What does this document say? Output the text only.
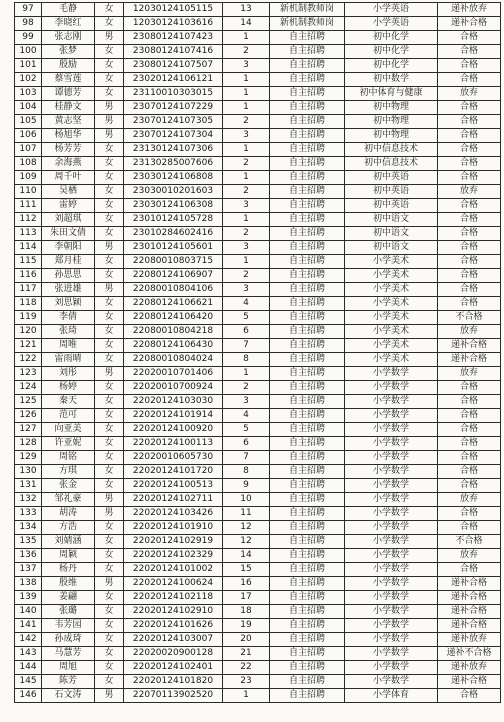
97	毛静	女	12030124105115	13	新机制教师岗	小学英语	递补放弃
98	李晓红	女	12030124103616	14	新机制教师岗	小学英语	递补合格
99	张志刚	男	23080124107423	1	自主招聘	初中化学	合格
100	张梦	女	23080124107416	2	自主招聘	初中化学	合格
101	殷励	女	23080124107507	3	自主招聘	初中化学	合格
102	蔡雪莲	女	23020124106121	1	自主招聘	初中数学	合格
103	谭德芳	女	23110010303015	1	自主招聘	初中体育与健康	放弃
104	桂静文	男	23070124107229	1	自主招聘	初中物理	合格
105	黄志坚	男	23070124107305	2	自主招聘	初中物理	合格
106	杨旭华	男	23070124107304	3	自主招聘	初中物理	合格
107	杨芳芳	女	23130124107306	1	自主招聘	初中信息技术	合格
108	余海燕	女	23130285007606	2	自主招聘	初中信息技术	合格
109	周千叶	女	23030124106808	1	自主招聘	初中英语	合格
110	吴栖	女	23030010201603	2	自主招聘	初中英语	放弃
111	雷婷	女	23030124106308	3	自主招聘	初中英语	合格
112	刘超琪	女	23010124105728	1	自主招聘	初中语文	合格
113	朱田文倩	女	23010284602416	2	自主招聘	初中语文	合格
114	李朝阳	男	23010124105601	3	自主招聘	初中语文	合格
115	郑月桂	女	22080010803715	1	自主招聘	小学美术	合格
116	孙思思	女	22080124106907	2	自主招聘	小学美术	合格
117	张进雄	男	22080010804106	3	自主招聘	小学美术	合格
118	刘思颖	女	22080124106621	4	自主招聘	小学美术	合格
119	李倩	女	22080124106420	5	自主招聘	小学美术	不合格
120	张琦	女	22080010804218	6	自主招聘	小学美术	放弃
121	周唯	女	22080124106430	7	自主招聘	小学美术	递补合格
122	雷雨晴	女	22080010804024	8	自主招聘	小学美术	递补合格
123	刘彤	男	22020010701406	1	自主招聘	小学数学	放弃
124	杨婷	女	22020010700924	2	自主招聘	小学数学	合格
125	秦天	女	22020124103030	3	自主招聘	小学数学	合格
126	范可	女	22020124101914	4	自主招聘	小学数学	合格
127	向亚美	女	22020124100920	5	自主招聘	小学数学	合格
128	许亚妮	女	22020124100113	6	自主招聘	小学数学	合格
129	周铭	女	22020010605730	7	自主招聘	小学数学	合格
130	方琪	女	22020124101720	8	自主招聘	小学数学	合格
131	张金	女	22020124100513	9	自主招聘	小学数学	合格
132	邹礼豪	男	22020124102711	10	自主招聘	小学数学	放弃
133	胡涛	男	22020124103426	11	自主招聘	小学数学	合格
134	方浩	女	22020124101910	12	自主招聘	小学数学	合格
135	刘婧涵	女	22020124102919	12	自主招聘	小学数学	不合格
136	周颖	女	22020124102329	14	自主招聘	小学数学	放弃
137	杨丹	女	22020124101002	15	自主招聘	小学数学	合格
138	殷维	男	22020124100624	16	自主招聘	小学数学	递补合格
139	姜翩	女	22020124102118	17	自主招聘	小学数学	递补合格
140	张璐	女	22020124102910	18	自主招聘	小学数学	递补合格
141	韦芳园	女	22020124101626	19	自主招聘	小学数学	递补合格
142	孙成琦	女	22020124103007	20	自主招聘	小学数学	递补放弃
143	马慧芳	女	22020020900128	21	自主招聘	小学数学	递补不合格
144	周旭	女	22020124102401	22	自主招聘	小学数学	递补放弃
145	陈芳	女	22020124101820	23	自主招聘	小学数学	递补合格
146	石文涛	男	22070113902520	1	自主招聘	小学体育	合格
